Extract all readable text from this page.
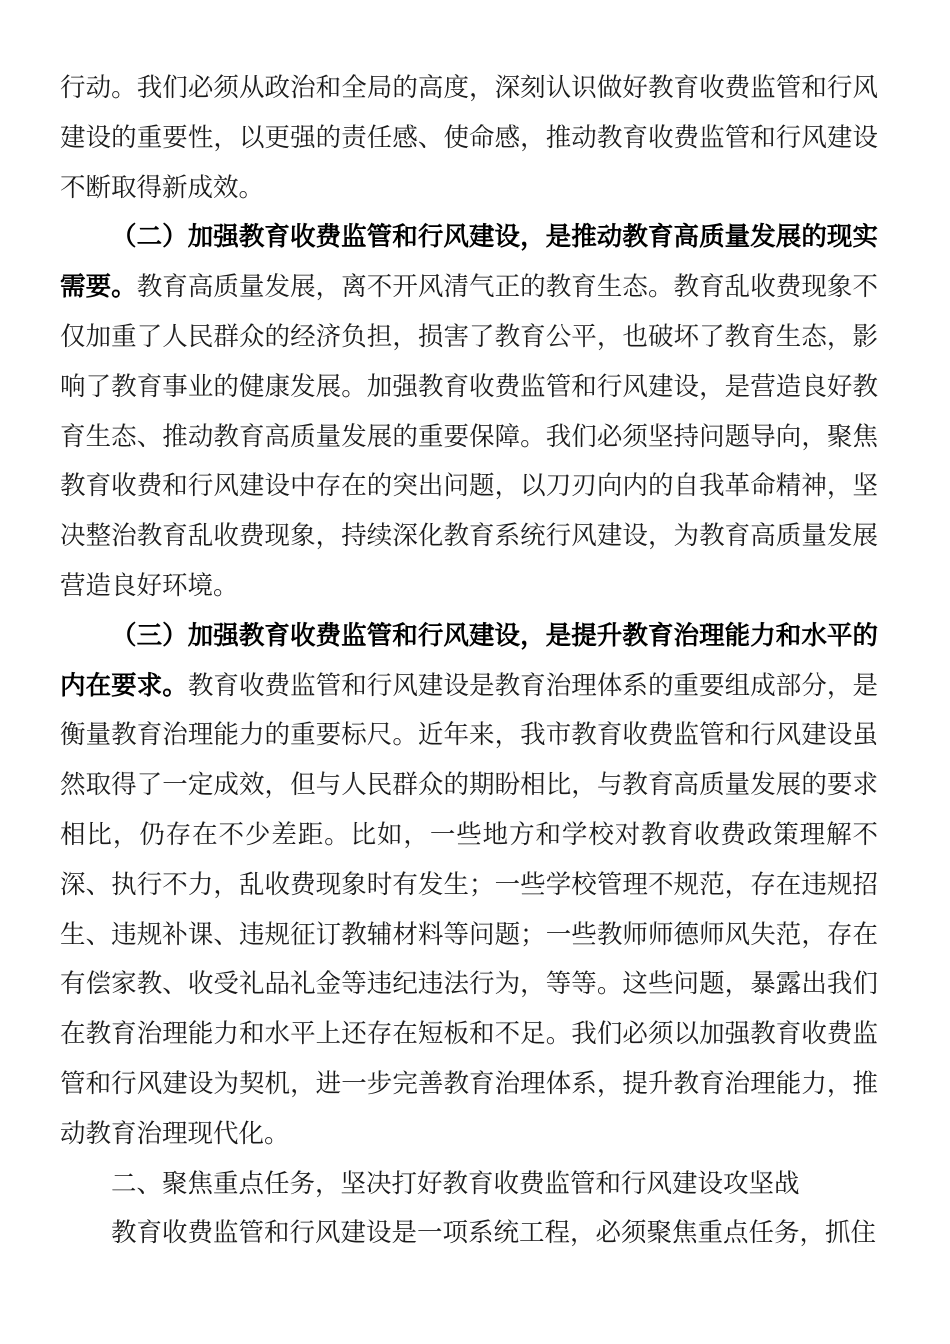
行动。我们必须从政治和全局的高度，深刻认识做好教育收费监管和行风建设的重要性，以更强的责任感、使命感，推动教育收费监管和行风建设不断取得新成效。

（二）加强教育收费监管和行风建设，是推动教育高质量发展的现实需要。教育高质量发展，离不开风清气正的教育生态。教育乱收费现象不仅加重了人民群众的经济负担，损害了教育公平，也破坏了教育生态，影响了教育事业的健康发展。加强教育收费监管和行风建设，是营造良好教育生态、推动教育高质量发展的重要保障。我们必须坚持问题导向，聚焦教育收费和行风建设中存在的突出问题，以刀刃向内的自我革命精神，坚决整治教育乱收费现象，持续深化教育系统行风建设，为教育高质量发展营造良好环境。

（三）加强教育收费监管和行风建设，是提升教育治理能力和水平的内在要求。教育收费监管和行风建设是教育治理体系的重要组成部分，是衡量教育治理能力的重要标尺。近年来，我市教育收费监管和行风建设虽然取得了一定成效，但与人民群众的期盼相比，与教育高质量发展的要求相比，仍存在不少差距。比如，一些地方和学校对教育收费政策理解不深、执行不力，乱收费现象时有发生；一些学校管理不规范，存在违规招生、违规补课、违规征订教辅材料等问题；一些教师师德师风失范，存在有偿家教、收受礼品礼金等违纪违法行为，等等。这些问题，暴露出我们在教育治理能力和水平上还存在短板和不足。我们必须以加强教育收费监管和行风建设为契机，进一步完善教育治理体系，提升教育治理能力，推动教育治理现代化。

二、聚焦重点任务，坚决打好教育收费监管和行风建设攻坚战

教育收费监管和行风建设是一项系统工程，必须聚焦重点任务，抓住
